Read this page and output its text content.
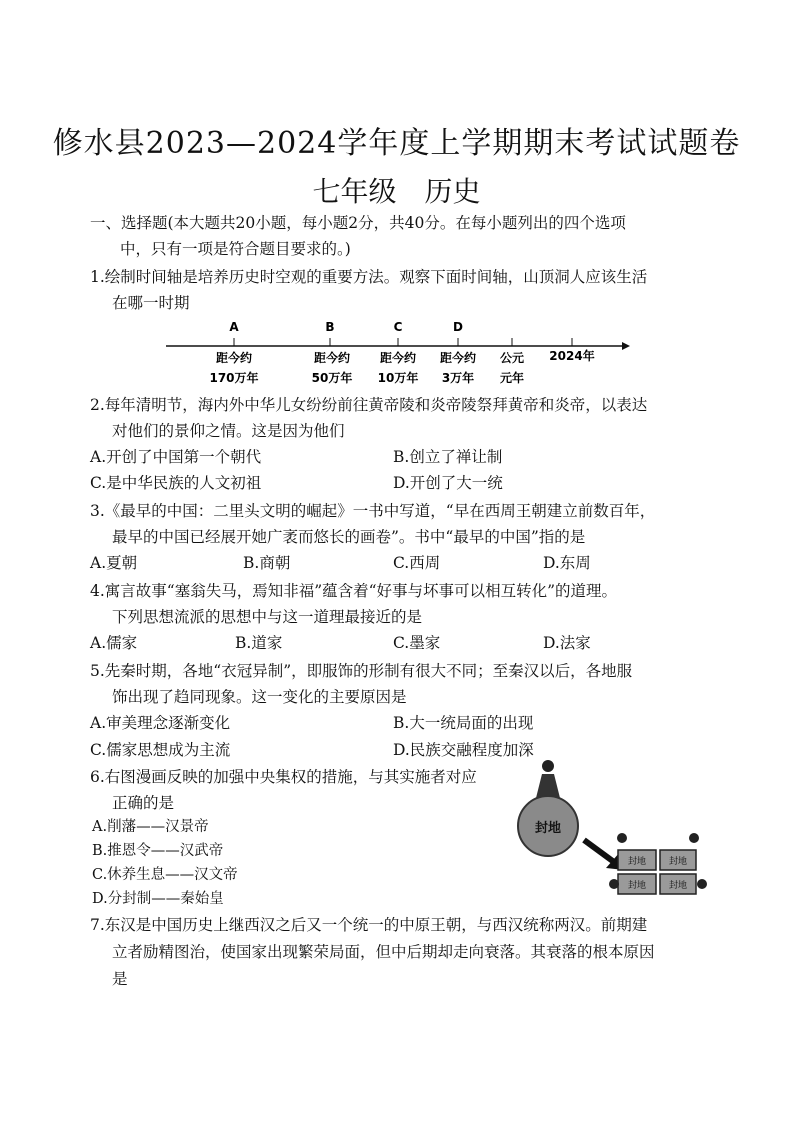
修水县2023—2024学年度上学期期末考试试题卷
七年级 历史
一、选择题(本大题共20小题，每小题2分，共40分。在每小题列出的四个选项
中，只有一项是符合题目要求的。)
1.绘制时间轴是培养历史时空观的重要方法。观察下面时间轴，山顶洞人应该生活
在哪一时期
A	B	C	D
距今约
170万年
距今约
50万年
距今约
10万年
距今约
3万年
公元
元年
2024年
2.每年清明节，海内外中华儿女纷纷前往黄帝陵和炎帝陵祭拜黄帝和炎帝，以表达
对他们的景仰之情。这是因为他们
A.开创了中国第一个朝代	B.创立了禅让制
C.是中华民族的人文初祖	D.开创了大一统
3.《最早的中国：二里头文明的崛起》一书中写道，“早在西周王朝建立前数百年，
最早的中国已经展开她广袤而悠长的画卷”。书中“最早的中国”指的是
A.夏朝	B.商朝	C.西周	D.东周
4.寓言故事“塞翁失马，焉知非福”蕴含着“好事与坏事可以相互转化”的道理。
下列思想流派的思想中与这一道理最接近的是
A.儒家	B.道家	C.墨家	D.法家
5.先秦时期，各地“衣冠异制”，即服饰的形制有很大不同；至秦汉以后，各地服
饰出现了趋同现象。这一变化的主要原因是
A.审美理念逐渐变化	B.大一统局面的出现
C.儒家思想成为主流	D.民族交融程度加深
6.右图漫画反映的加强中央集权的措施，与其实施者对应
正确的是
A.削藩——汉景帝
B.推恩令——汉武帝
C.休养生息——汉文帝
D.分封制——秦始皇
封地
封地	封地
封地	封地
7.东汉是中国历史上继西汉之后又一个统一的中原王朝，与西汉统称两汉。前期建
立者励精图治，使国家出现繁荣局面，但中后期却走向衰落。其衰落的根本原因
是
